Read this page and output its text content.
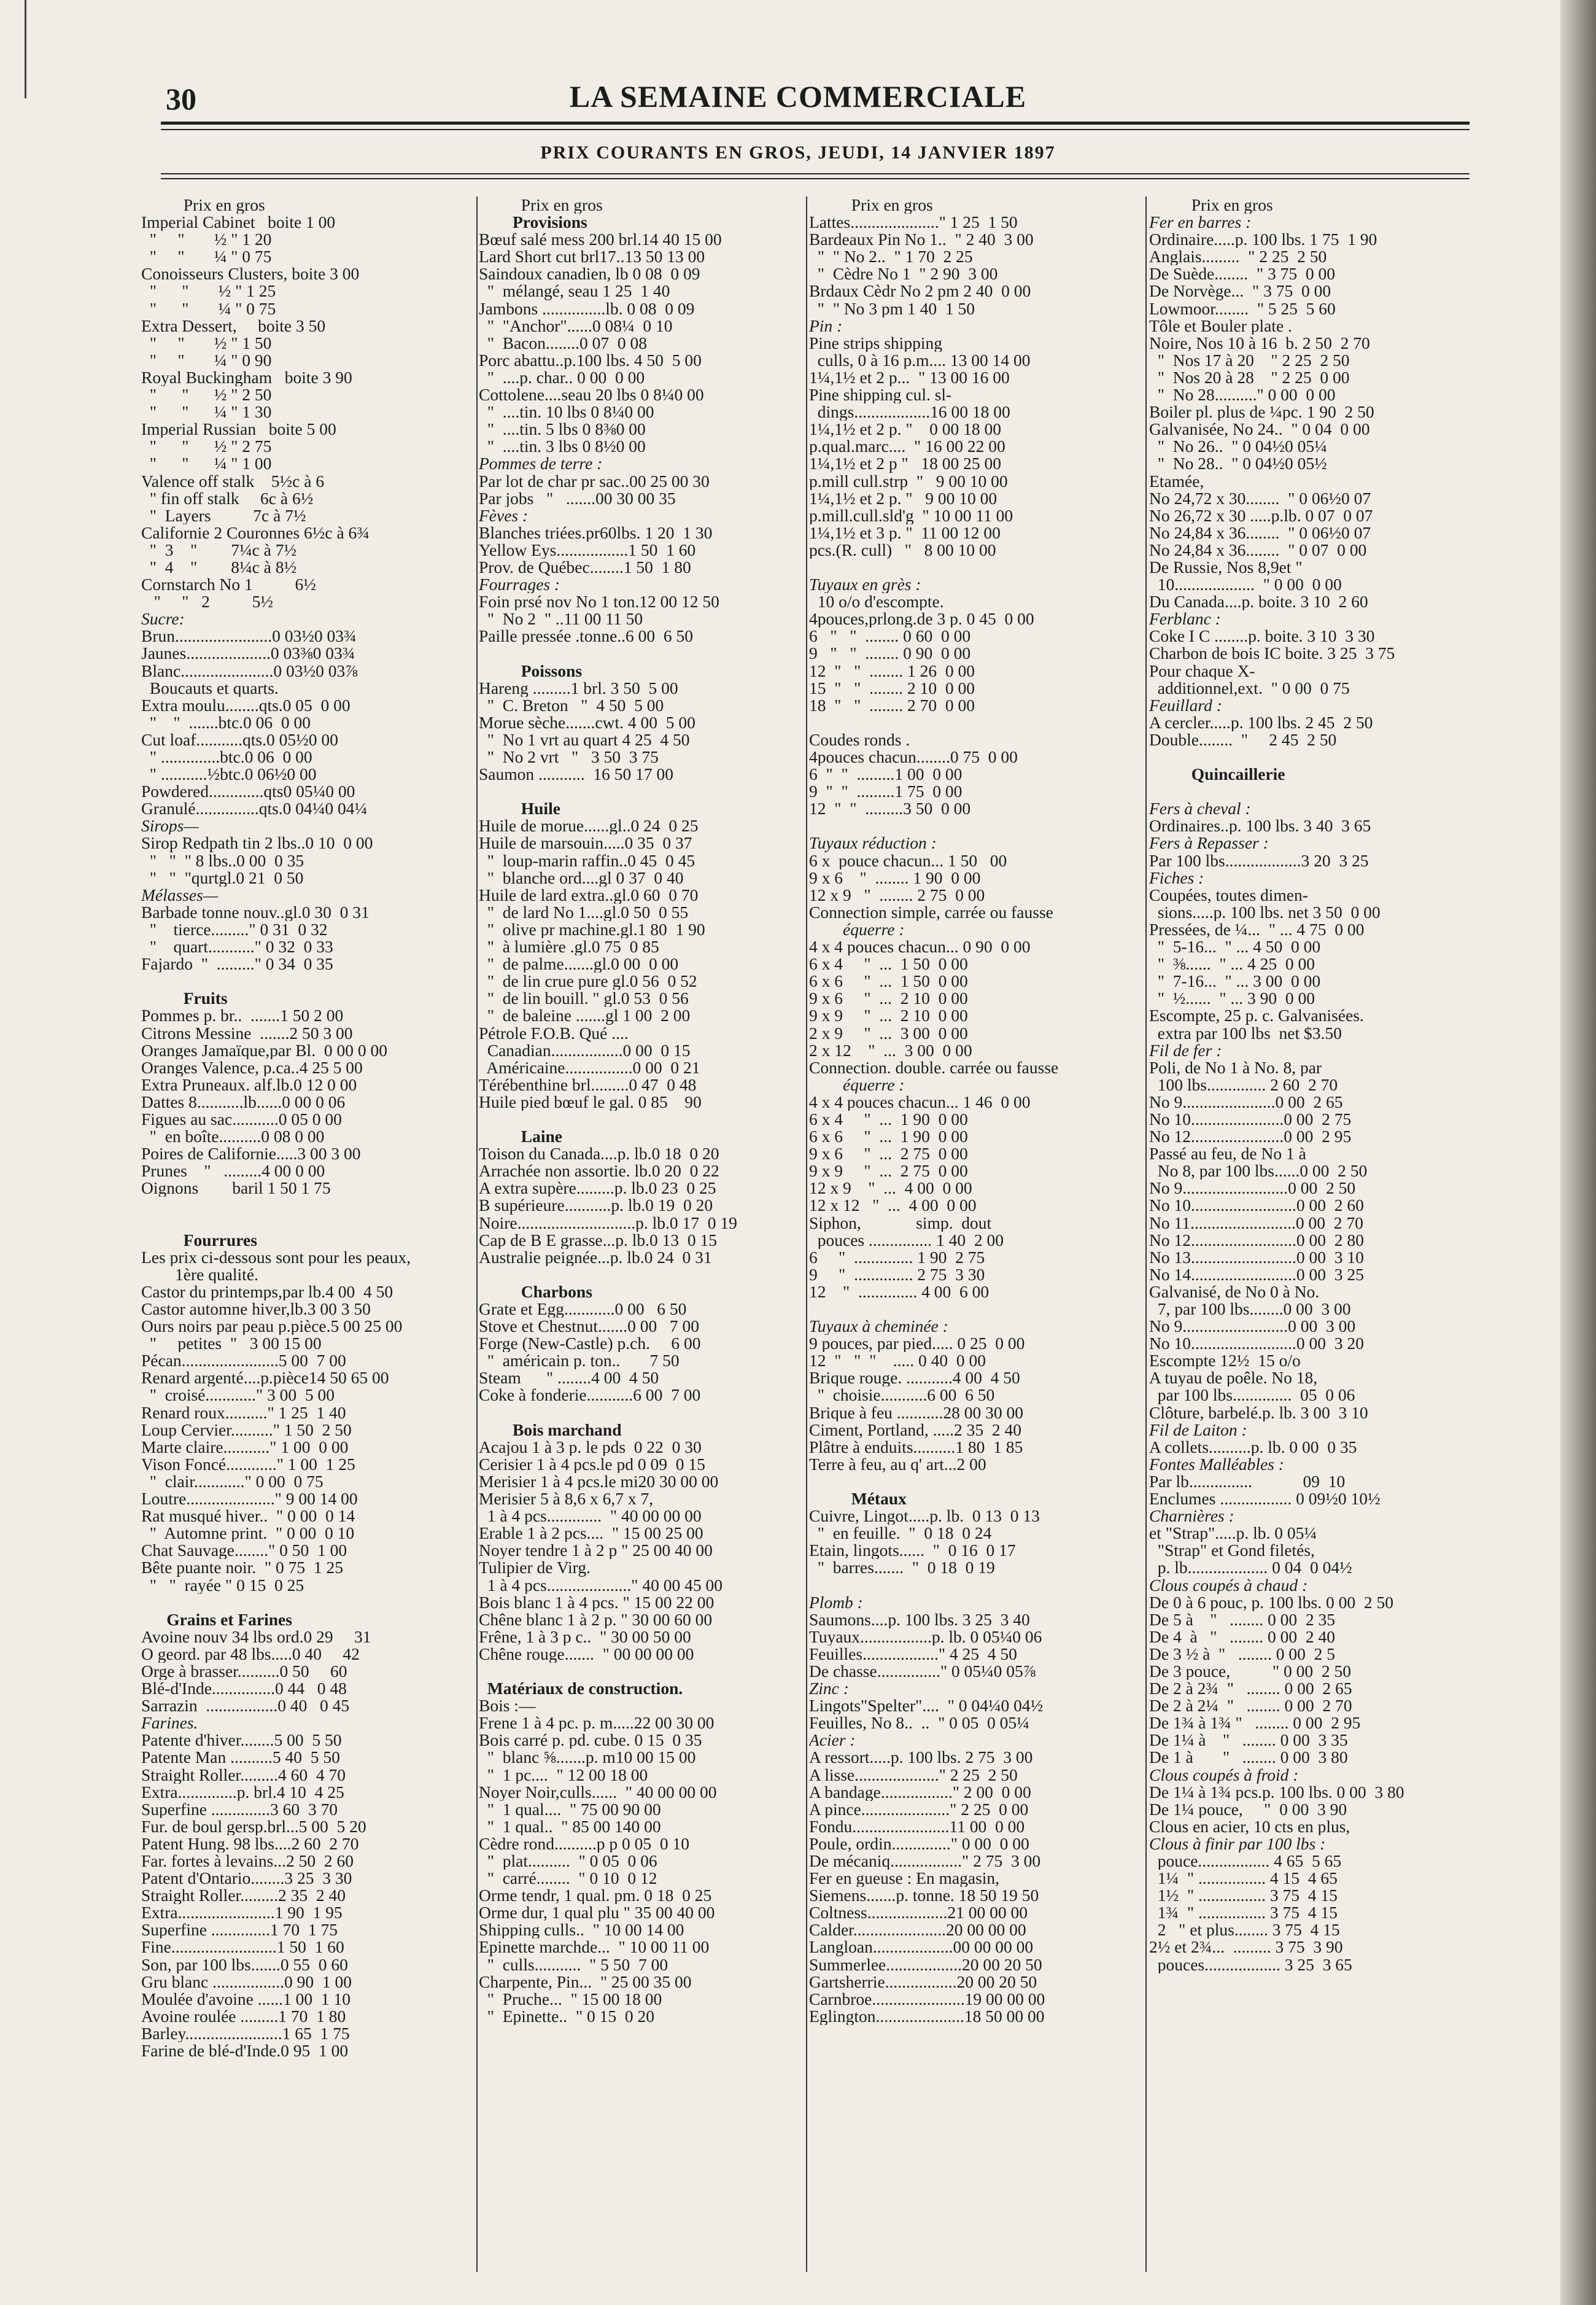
30	LA SEMAINE COMMERCIALE
PRIX COURANTS EN GROS, JEUDI, 14 JANVIER 1897
Prix en gros
Imperial Cabinet   boite 1 00
"     "       ½ " 1 20
"     "       ¼ " 0 75
Conoisseurs Clusters, boite 3 00
"      "       ½ " 1 25
"      "       ¼ " 0 75
Extra Dessert,     boite 3 50
"     "       ½ " 1 50
"     "       ¼ " 0 90
Royal Buckingham   boite 3 90
"      "      ½ " 2 50
"      "      ¼ " 1 30
Imperial Russian   boite 5 00
"      "      ½ " 2 75
"      "      ¼ " 1 00
Valence off stalk    5½c à 6
" fin off stalk     6c à 6½
"  Layers          7c à 7½
Californie 2 Couronnes 6½c à 6¾
"  3    "        7¼c à 7½
"  4    "        8¼c à 8½
Cornstarch No 1          6½
"     "   2          5½
Sucre:
Brun.......................0 03½0 03¾
Jaunes....................0 03⅜0 03¾
Blanc......................0 03½0 03⅞
Boucauts et quarts.
Extra moulu........qts.0 05  0 00
"    "  .......btc.0 06  0 00
Cut loaf...........qts.0 05½0 00
" ..............btc.0 06  0 00
" ...........½btc.0 06½0 00
Powdered.............qts0 05¼0 00
Granulé...............qts.0 04¼0 04¼
Sirops—
Sirop Redpath tin 2 lbs..0 10  0 00
"   "  " 8 lbs..0 00  0 35
"   "  "qurtgl.0 21  0 50
Mélasses—
Barbade tonne nouv..gl.0 30  0 31
"    tierce........." 0 31  0 32
"    quart..........." 0 32  0 33
Fajardo  "  ........." 0 34  0 35
Fruits
Pommes p. br..  .......1 50 2 00
Citrons Messine  .......2 50 3 00
Oranges Jamaïque,par Bl.  0 00 0 00
Oranges Valence, p.ca..4 25 5 00
Extra Pruneaux. alf.lb.0 12 0 00
Dattes 8...........lb......0 00 0 06
Figues au sac...........0 05 0 00
"  en boîte..........0 08 0 00
Poires de Californie.....3 00 3 00
Prunes    "   .........4 00 0 00
Oignons        baril 1 50 1 75
Fourrures
Les prix ci-dessous sont pour les peaux,
1ère qualité.
Castor du printemps,par lb.4 00  4 50
Castor automne hiver,lb.3 00 3 50
Ours noirs par peau p.pièce.5 00 25 00
"     petites  "   3 00 15 00
Pécan.......................5 00  7 00
Renard argenté....p.pièce14 50 65 00
"  croisé............" 3 00  5 00
Renard roux.........." 1 25  1 40
Loup Cervier.........." 1 50  2 50
Marte claire..........." 1 00  0 00
Vison Foncé............" 1 00  1 25
"  clair............" 0 00  0 75
Loutre....................." 9 00 14 00
Rat musqué hiver..  " 0 00  0 14
"  Automne print.  " 0 00  0 10
Chat Sauvage........" 0 50  1 00
Bête puante noir.  " 0 75  1 25
"   "  rayée " 0 15  0 25
Grains et Farines
Avoine nouv 34 lbs ord.0 29     31
O geord. par 48 lbs.....0 40     42
Orge à brasser..........0 50     60
Blé-d'Inde...............0 44   0 48
Sarrazin  .................0 40   0 45
Farines.
Patente d'hiver........5 00  5 50
Patente Man ..........5 40  5 50
Straight Roller.........4 60  4 70
Extra..............p. brl.4 10  4 25
Superfine ..............3 60  3 70
Fur. de boul gersp.brl...5 00  5 20
Patent Hung. 98 lbs....2 60  2 70
Far. fortes à levains...2 50  2 60
Patent d'Ontario........3 25  3 30
Straight Roller.........2 35  2 40
Extra.......................1 90  1 95
Superfine ..............1 70  1 75
Fine.........................1 50  1 60
Son, par 100 lbs.......0 55  0 60
Gru blanc .................0 90  1 00
Moulée d'avoine ......1 00  1 10
Avoine roulée .........1 70  1 80
Barley.......................1 65  1 75
Farine de blé-d'Inde.0 95  1 00
Prix en gros
Provisions
Bœuf salé mess 200 brl.14 40 15 00
Lard Short cut brl17..13 50 13 00
Saindoux canadien, lb 0 08  0 09
"  mélangé, seau 1 25  1 40
Jambons ...............lb. 0 08  0 09
"  "Anchor"......0 08¼  0 10
"  Bacon........0 07  0 08
Porc abattu..p.100 lbs. 4 50  5 00
"  ....p. char.. 0 00  0 00
Cottolene....seau 20 lbs 0 8¼0 00
"  ....tin. 10 lbs 0 8¼0 00
"  ....tin. 5 lbs 0 8⅜0 00
"  ....tin. 3 lbs 0 8½0 00
Pommes de terre :
Par lot de char pr sac..00 25 00 30
Par jobs   "   .......00 30 00 35
Fèves :
Blanches triées.pr60lbs. 1 20  1 30
Yellow Eys.................1 50  1 60
Prov. de Québec........1 50  1 80
Fourrages :
Foin prsé nov No 1 ton.12 00 12 50
"  No 2  " ..11 00 11 50
Paille pressée .tonne..6 00  6 50
Poissons
Hareng .........1 brl. 3 50  5 00
"  C. Breton   "  4 50  5 00
Morue sèche.......cwt. 4 00  5 00
"  No 1 vrt au quart 4 25  4 50
"  No 2 vrt   "   3 50  3 75
Saumon ...........  16 50 17 00
Huile
Huile de morue......gl..0 24  0 25
Huile de marsouin.....0 35  0 37
"  loup-marin raffin..0 45  0 45
"  blanche ord....gl 0 37  0 40
Huile de lard extra..gl.0 60  0 70
"  de lard No 1....gl.0 50  0 55
"  olive pr machine.gl.1 80  1 90
"  à lumière .gl.0 75  0 85
"  de palme.......gl.0 00  0 00
"  de lin crue pure gl.0 56  0 52
"  de lin bouill. " gl.0 53  0 56
"  de baleine .......gl 1 00  2 00
Pétrole F.O.B. Qué ....
Canadian.................0 00  0 15
Américaine................0 00  0 21
Térébenthine brl.........0 47  0 48
Huile pied bœuf le gal. 0 85    90
Laine
Toison du Canada....p. lb.0 18  0 20
Arrachée non assortie. lb.0 20  0 22
A extra supère.........p. lb.0 23  0 25
B supérieure...........p. lb.0 19  0 20
Noire............................p. lb.0 17  0 19
Cap de B E grasse...p. lb.0 13  0 15
Australie peignée...p. lb.0 24  0 31
Charbons
Grate et Egg............0 00   6 50
Stove et Chestnut.......0 00   7 00
Forge (New-Castle) p.ch.     6 00
"  américain p. ton..       7 50
Steam      " ........4 00  4 50
Coke à fonderie...........6 00  7 00
Bois marchand
Acajou 1 à 3 p. le pds  0 22  0 30
Cerisier 1 à 4 pcs.le pd 0 09  0 15
Merisier 1 à 4 pcs.le mi20 30 00 00
Merisier 5 à 8,6 x 6,7 x 7,
1 à 4 pcs.............  " 40 00 00 00
Erable 1 à 2 pcs....  " 15 00 25 00
Noyer tendre 1 à 2 p " 25 00 40 00
Tulipier de Virg.
1 à 4 pcs...................." 40 00 45 00
Bois blanc 1 à 4 pcs. " 15 00 22 00
Chêne blanc 1 à 2 p. " 30 00 60 00
Frêne, 1 à 3 p c..  " 30 00 50 00
Chêne rouge.......  " 00 00 00 00
Matériaux de construction.
Bois :—
Frene 1 à 4 pc. p. m.....22 00 30 00
Bois carré p. pd. cube. 0 15  0 35
"  blanc ⅝.......p. m10 00 15 00
"  1 pc....  " 12 00 18 00
Noyer Noir,culls......  " 40 00 00 00
"  1 qual....  " 75 00 90 00
"  1 qual..  " 85 00 140 00
Cèdre rond..........p p 0 05  0 10
"  plat..........  " 0 05  0 06
"  carré........  " 0 10  0 12
Orme tendr, 1 qual. pm. 0 18  0 25
Orme dur, 1 qual plu " 35 00 40 00
Shipping culls..  " 10 00 14 00
Epinette marchde...  " 10 00 11 00
"  culls...........  " 5 50  7 00
Charpente, Pin...  " 25 00 35 00
"  Pruche...  " 15 00 18 00
"  Epinette..  " 0 15  0 20
Prix en gros
Lattes....................." 1 25  1 50
Bardeaux Pin No 1..  " 2 40  3 00
"  " No 2..  " 1 70  2 25
"  Cèdre No 1  " 2 90  3 00
Brdaux Cèdr No 2 pm 2 40  0 00
"  " No 3 pm 1 40  1 50
Pin :
Pine strips shipping
culls, 0 à 16 p.m.... 13 00 14 00
1¼,1½ et 2 p...  " 13 00 16 00
Pine shipping cul. sl-
dings..................16 00 18 00
1¼,1½ et 2 p. "    0 00 18 00
p.qual.marc....  " 16 00 22 00
1¼,1½ et 2 p "   18 00 25 00
p.mill cull.strp  "   9 00 10 00
1¼,1½ et 2 p. "   9 00 10 00
p.mill.cull.sld'g  " 10 00 11 00
1¼,1½ et 3 p. "  11 00 12 00
pcs.(R. cull)   "   8 00 10 00
Tuyaux en grès :
10 o/o d'escompte.
4pouces,prlong.de 3 p. 0 45  0 00
6   "   "  ........ 0 60  0 00
9   "   "  ........ 0 90  0 00
12  "   "  ........ 1 26  0 00
15  "   "  ........ 2 10  0 00
18  "   "  ........ 2 70  0 00
Coudes ronds .
4pouces chacun........0 75  0 00
6  "  "  .........1 00  0 00
9  "  "  .........1 75  0 00
12  "  "  .........3 50  0 00
Tuyaux réduction :
6 x  pouce chacun... 1 50   00
9 x 6    "  ........ 1 90  0 00
12 x 9   "  ........ 2 75  0 00
Connection simple, carrée ou fausse
équerre :
4 x 4 pouces chacun... 0 90  0 00
6 x 4     "  ...  1 50  0 00
6 x 6     "  ...  1 50  0 00
9 x 6     "  ...  2 10  0 00
9 x 9     "  ...  2 10  0 00
2 x 9     "  ...  3 00  0 00
2 x 12    "  ...  3 00  0 00
Connection. double. carrée ou fausse
équerre :
4 x 4 pouces chacun... 1 46  0 00
6 x 4     "  ...  1 90  0 00
6 x 6     "  ...  1 90  0 00
9 x 6     "  ...  2 75  0 00
9 x 9     "  ...  2 75  0 00
12 x 9    "  ...  4 00  0 00
12 x 12   "  ...  4 00  0 00
Siphon,             simp.  dout
pouces ............... 1 40  2 00
6     "  .............. 1 90  2 75
9     "  .............. 2 75  3 30
12    "  .............. 4 00  6 00
Tuyaux à cheminée :
9 pouces, par pied..... 0 25  0 00
12  "   "  "    ..... 0 40  0 00
Brique rouge. ...........4 00  4 50
"  choisie...........6 00  6 50
Brique à feu ...........28 00 30 00
Ciment, Portland, .....2 35  2 40
Plâtre à enduits..........1 80  1 85
Terre à feu, au q' art...2 00
Métaux
Cuivre, Lingot.....p. lb.  0 13  0 13
"  en feuille.  "  0 18  0 24
Etain, lingots......  "  0 16  0 17
"  barres.......  "  0 18  0 19
Plomb :
Saumons....p. 100 lbs. 3 25  3 40
Tuyaux.................p. lb. 0 05¼0 06
Feuilles.................." 4 25  4 50
De chasse..............." 0 05¼0 05⅞
Zinc :
Lingots"Spelter"....  " 0 04¼0 04½
Feuilles, No 8..  ..  " 0 05  0 05¼
Acier :
A ressort.....p. 100 lbs. 2 75  3 00
A lisse...................." 2 25  2 50
A bandage................." 2 00  0 00
A pince....................." 2 25  0 00
Fondu.......................11 00  0 00
Poule, ordin.............." 0 00  0 00
De mécaniq................." 2 75  3 00
Fer en gueuse : En magasin,
Siemens.......p. tonne. 18 50 19 50
Coltness...................21 00 00 00
Calder......................20 00 00 00
Langloan...................00 00 00 00
Summerlee..................20 00 20 50
Gartsherrie.................20 00 20 50
Carnbroe......................19 00 00 00
Eglington.....................18 50 00 00
Prix en gros
Fer en barres :
Ordinaire.....p. 100 lbs. 1 75  1 90
Anglais.........  " 2 25  2 50
De Suède........  " 3 75  0 00
De Norvège...  " 3 75  0 00
Lowmoor........  " 5 25  5 60
Tôle et Bouler plate .
Noire, Nos 10 à 16  b. 2 50  2 70
"  Nos 17 à 20    " 2 25  2 50
"  Nos 20 à 28    " 2 25  0 00
"  No 28.........." 0 00  0 00
Boiler pl. plus de ¼pc. 1 90  2 50
Galvanisée, No 24..  " 0 04  0 00
"  No 26..  " 0 04½0 05¼
"  No 28..  " 0 04½0 05½
Etamée,
No 24,72 x 30........  " 0 06½0 07
No 26,72 x 30 .....p.lb. 0 07  0 07
No 24,84 x 36........  " 0 06½0 07
No 24,84 x 36........  " 0 07  0 00
De Russie, Nos 8,9et "
10...................  " 0 00  0 00
Du Canada....p. boite. 3 10  2 60
Ferblanc :
Coke I C ........p. boite. 3 10  3 30
Charbon de bois IC boite. 3 25  3 75
Pour chaque X-
additionnel,ext.  " 0 00  0 75
Feuillard :
A cercler.....p. 100 lbs. 2 45  2 50
Double........  "     2 45  2 50
Quincaillerie
Fers à cheval :
Ordinaires..p. 100 lbs. 3 40  3 65
Fers à Repasser :
Par 100 lbs..................3 20  3 25
Fiches :
Coupées, toutes dimen-
sions.....p. 100 lbs. net 3 50  0 00
Pressées, de ¼...  " ... 4 75  0 00
"  5-16...  " ... 4 50  0 00
"  ⅜......  " ... 4 25  0 00
"  7-16...  " ... 3 00  0 00
"  ½......  " ... 3 90  0 00
Escompte, 25 p. c. Galvanisées.
extra par 100 lbs  net $3.50
Fil de fer :
Poli, de No 1 à No. 8, par
100 lbs.............. 2 60  2 70
No 9......................0 00  2 65
No 10......................0 00  2 75
No 12......................0 00  2 95
Passé au feu, de No 1 à
No 8, par 100 lbs......0 00  2 50
No 9.........................0 00  2 50
No 10.........................0 00  2 60
No 11.........................0 00  2 70
No 12.........................0 00  2 80
No 13.........................0 00  3 10
No 14.........................0 00  3 25
Galvanisé, de No 0 à No.
7, par 100 lbs........0 00  3 00
No 9.........................0 00  3 00
No 10.........................0 00  3 20
Escompte 12½  15 o/o
A tuyau de poêle. No 18,
par 100 lbs..............  05  0 06
Clôture, barbelé.p. lb. 3 00  3 10
Fil de Laiton :
A collets..........p. lb. 0 00  0 35
Fontes Malléables :
Par lb...............            09  10
Enclumes ................. 0 09½0 10½
Charnières :
et "Strap".....p. lb. 0 05¼
"Strap" et Gond filetés,
p. lb................... 0 04  0 04½
Clous coupés à chaud :
De 0 à 6 pouc, p. 100 lbs. 0 00  2 50
De 5 à    "   ........ 0 00  2 35
De 4  à   "   ........ 0 00  2 40
De 3 ½ à  "   ........ 0 00  2 5
De 3 pouce,          " 0 00  2 50
De 2 à 2¾  "   ........ 0 00  2 65
De 2 à 2¼  "   ........ 0 00  2 70
De 1¾ à 1¾ "   ........ 0 00  2 95
De 1¼ à    "   ........ 0 00  3 35
De 1 à       "   ........ 0 00  3 80
Clous coupés à froid :
De 1¼ à 1¾ pcs.p. 100 lbs. 0 00  3 80
De 1¼ pouce,     "  0 00  3 90
Clous en acier, 10 cts en plus,
Clous à finir par 100 lbs :
pouce................. 4 65  5 65
1¼  " ................ 4 15  4 65
1½  " ................ 3 75  4 15
1¾  " ................ 3 75  4 15
2   " et plus........ 3 75  4 15
2½ et 2¾...  ......... 3 75  3 90
pouces.................. 3 25  3 65
